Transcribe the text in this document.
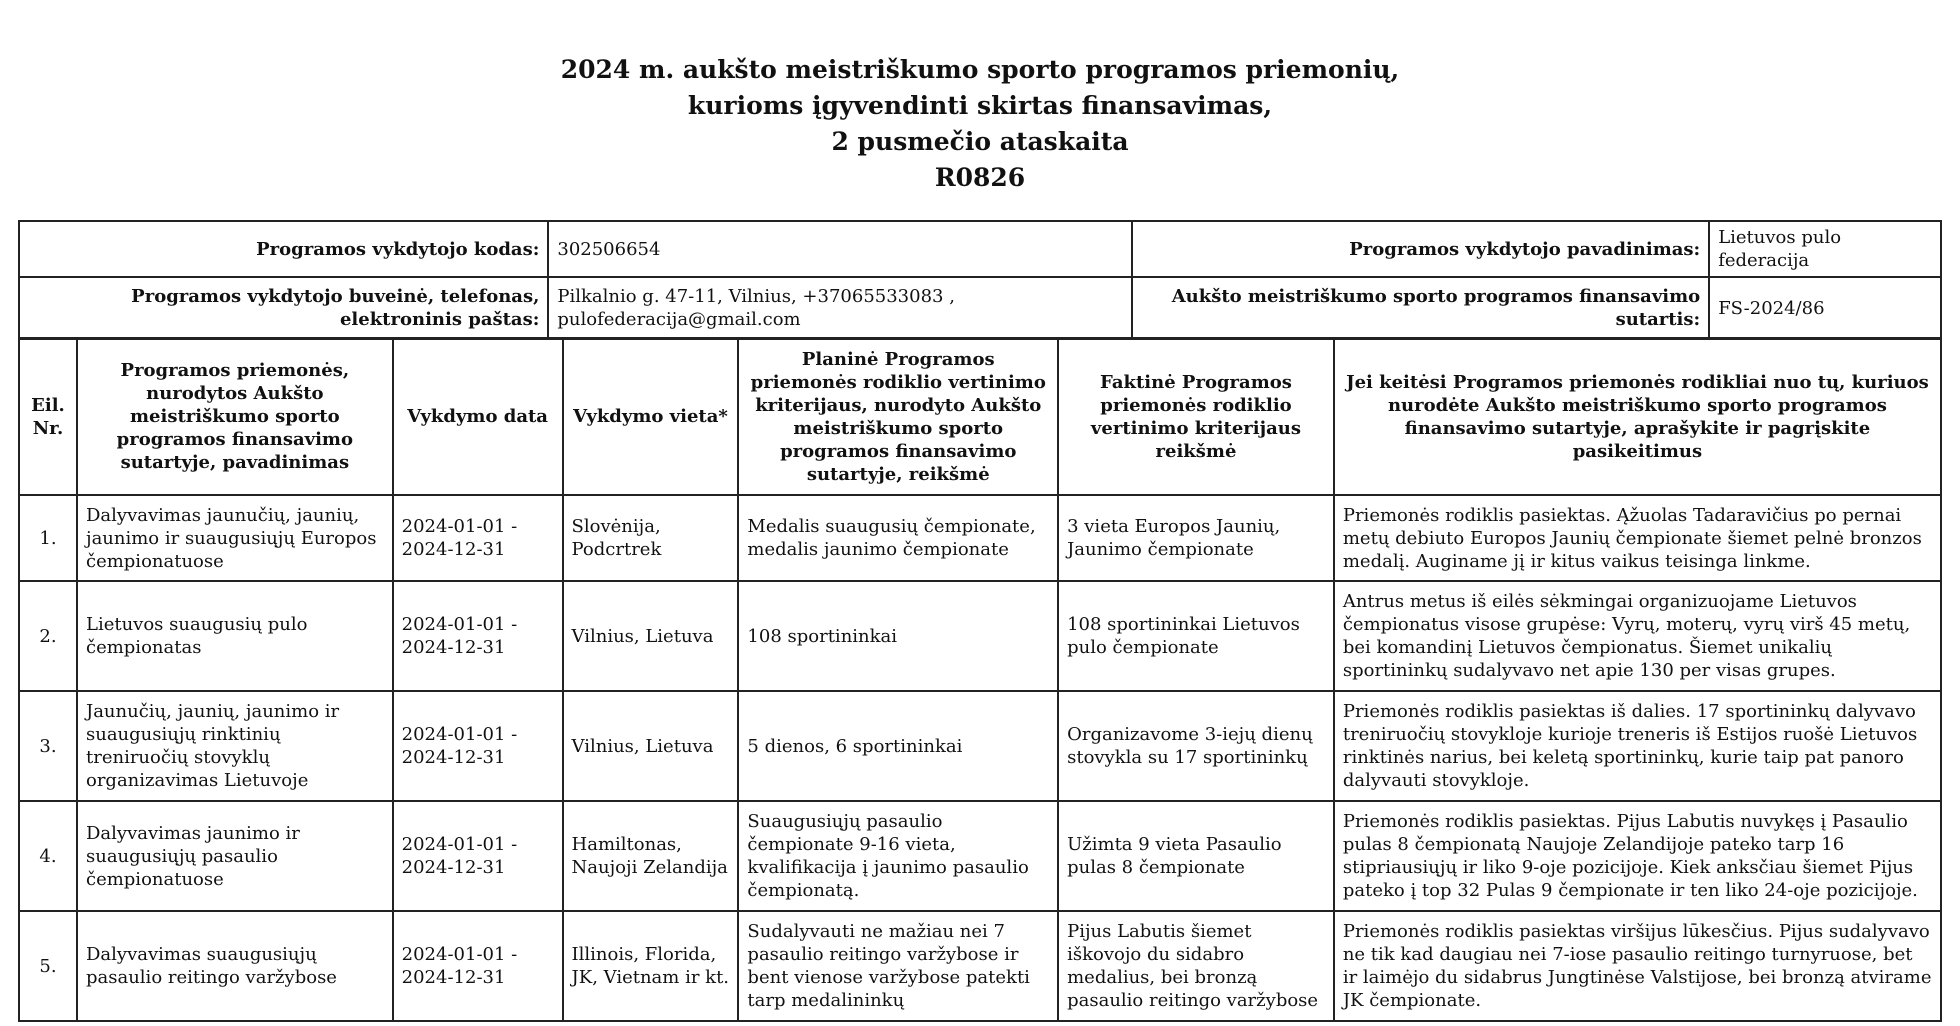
2024 m. aukšto meistriškumo sporto programos priemonių,
kurioms įgyvendinti skirtas finansavimas,
2 pusmečio ataskaita
R0826
Programos vykdytojo kodas:	302506654	Programos vykdytojo pavadinimas:	Lietuvos pulo federacija
Programos vykdytojo buveinė, telefonas, elektroninis paštas:	Pilkalnio g. 47-11, Vilnius, +37065533083 , pulofederacija@gmail.com	Aukšto meistriškumo sporto programos finansavimo sutartis:	FS-2024/86
Eil. Nr.	Programos priemonės, nurodytos Aukšto meistriškumo sporto programos finansavimo sutartyje, pavadinimas	Vykdymo data	Vykdymo vieta*	Planinė Programos priemonės rodiklio vertinimo kriterijaus, nurodyto Aukšto meistriškumo sporto programos finansavimo sutartyje, reikšmė	Faktinė Programos priemonės rodiklio vertinimo kriterijaus reikšmė	Jei keitėsi Programos priemonės rodikliai nuo tų, kuriuos nurodėte Aukšto meistriškumo sporto programos finansavimo sutartyje, aprašykite ir pagrįskite pasikeitimus
1.	Dalyvavimas jaunučių, jaunių, jaunimo ir suaugusiųjų Europos čempionatuose	2024-01-01 - 2024-12-31	Slovėnija, Podcrtrek	Medalis suaugusių čempionate, medalis jaunimo čempionate	3 vieta Europos Jaunių, Jaunimo čempionate	Priemonės rodiklis pasiektas. Ąžuolas Tadaravičius po pernai metų debiuto Europos Jaunių čempionate šiemet pelnė bronzos medalį. Auginame jį ir kitus vaikus teisinga linkme.
2.	Lietuvos suaugusių pulo čempionatas	2024-01-01 - 2024-12-31	Vilnius, Lietuva	108 sportininkai	108 sportininkai Lietuvos pulo čempionate	Antrus metus iš eilės sėkmingai organizuojame Lietuvos čempionatus visose grupėse: Vyrų, moterų, vyrų virš 45 metų, bei komandinį Lietuvos čempionatus. Šiemet unikalių sportininkų sudalyvavo net apie 130 per visas grupes.
3.	Jaunučių, jaunių, jaunimo ir suaugusiųjų rinktinių treniruočių stovyklų organizavimas Lietuvoje	2024-01-01 - 2024-12-31	Vilnius, Lietuva	5 dienos, 6 sportininkai	Organizavome 3-iejų dienų stovykla su 17 sportininkų	Priemonės rodiklis pasiektas iš dalies. 17 sportininkų dalyvavo treniruočių stovykloje kurioje treneris iš Estijos ruošė Lietuvos rinktinės narius, bei keletą sportininkų, kurie taip pat panoro dalyvauti stovykloje.
4.	Dalyvavimas jaunimo ir suaugusiųjų pasaulio čempionatuose	2024-01-01 - 2024-12-31	Hamiltonas, Naujoji Zelandija	Suaugusiųjų pasaulio čempionate 9-16 vieta, kvalifikacija į jaunimo pasaulio čempionatą.	Užimta 9 vieta Pasaulio pulas 8 čempionate	Priemonės rodiklis pasiektas. Pijus Labutis nuvykęs į Pasaulio pulas 8 čempionatą Naujoje Zelandijoje pateko tarp 16 stipriausiųjų ir liko 9-oje pozicijoje. Kiek anksčiau šiemet Pijus pateko į top 32 Pulas 9 čempionate ir ten liko 24-oje pozicijoje.
5.	Dalyvavimas suaugusiųjų pasaulio reitingo varžybose	2024-01-01 - 2024-12-31	Illinois, Florida, JK, Vietnam ir kt.	Sudalyvauti ne mažiau nei 7 pasaulio reitingo varžybose ir bent vienose varžybose patekti tarp medalininkų	Pijus Labutis šiemet iškovojo du sidabro medalius, bei bronzą pasaulio reitingo varžybose	Priemonės rodiklis pasiektas viršijus lūkesčius. Pijus sudalyvavo ne tik kad daugiau nei 7-iose pasaulio reitingo turnyruose, bet ir laimėjo du sidabrus Jungtinėse Valstijose, bei bronzą atvirame JK čempionate.
